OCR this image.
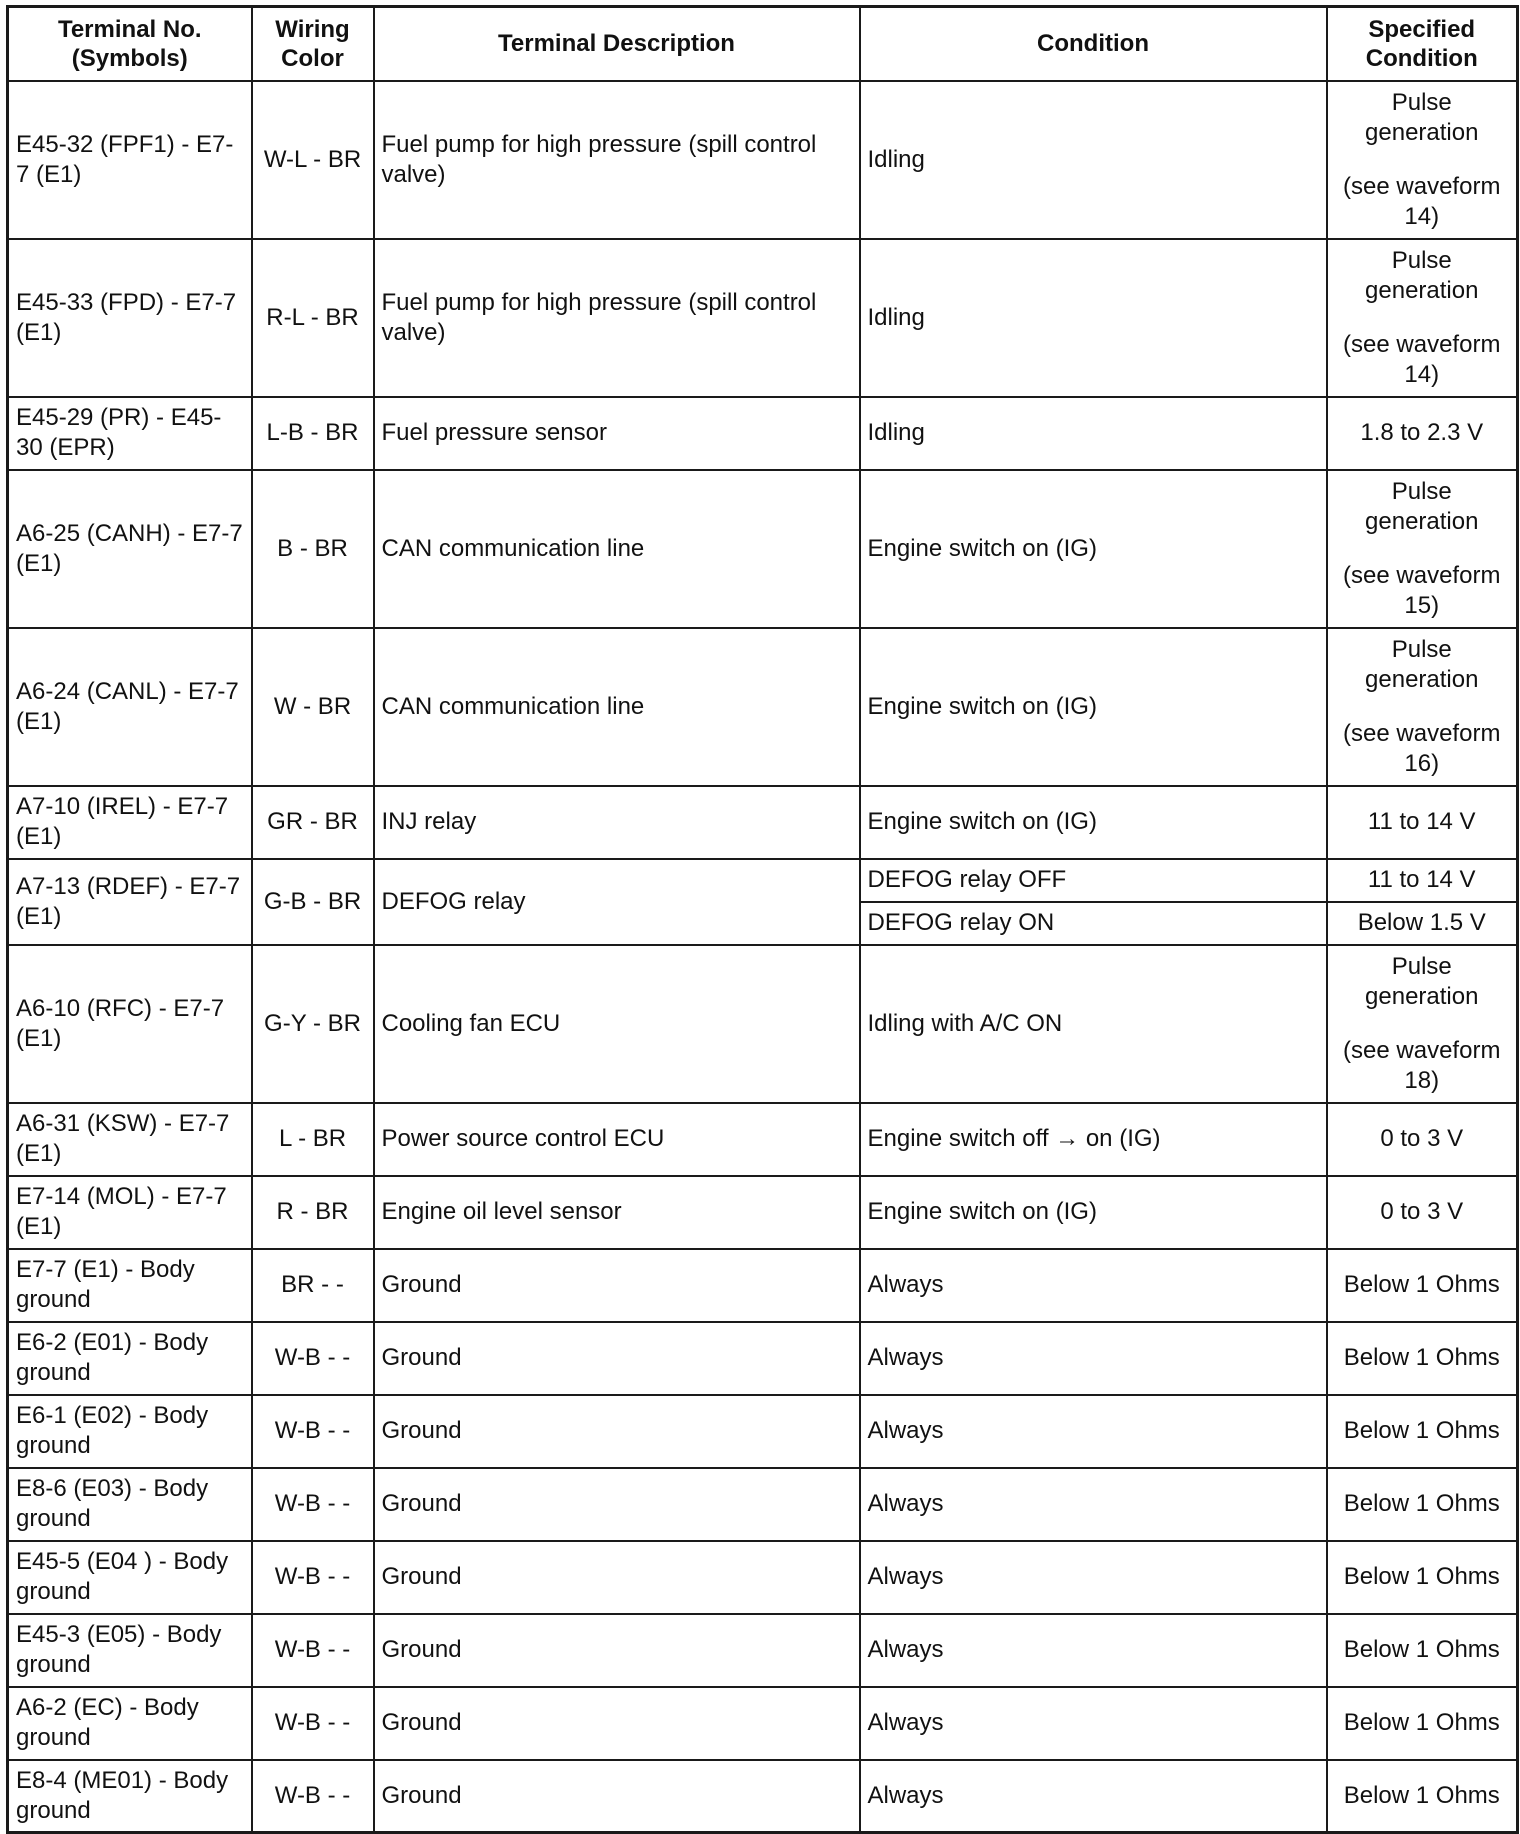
Terminal No. (Symbols)	Wiring Color	Terminal Description	Condition	Specified Condition
E45-32 (FPF1) - E7-7 (E1)	W-L - BR	Fuel pump for high pressure (spill control valve)	Idling	Pulse generation
(see waveform 14)

E45-33 (FPD) - E7-7 (E1)	R-L - BR	Fuel pump for high pressure (spill control valve)	Idling	Pulse generation
(see waveform 14)

E45-29 (PR) - E45-30 (EPR)	L-B - BR	Fuel pressure sensor	Idling	1.8 to 2.3 V
A6-25 (CANH) - E7-7 (E1)	B - BR	CAN communication line	Engine switch on (IG)	Pulse generation
(see waveform 15)

A6-24 (CANL) - E7-7 (E1)	W - BR	CAN communication line	Engine switch on (IG)	Pulse generation
(see waveform 16)

A7-10 (IREL) - E7-7 (E1)	GR - BR	INJ relay	Engine switch on (IG)	11 to 14 V
A7-13 (RDEF) - E7-7 (E1)	G-B - BR	DEFOG relay	DEFOG relay OFF	11 to 14 V
			DEFOG relay ON	Below 1.5 V
A6-10 (RFC) - E7-7 (E1)	G-Y - BR	Cooling fan ECU	Idling with A/C ON	Pulse generation
(see waveform 18)

A6-31 (KSW) - E7-7 (E1)	L - BR	Power source control ECU	Engine switch off → on (IG)	0 to 3 V
E7-14 (MOL) - E7-7 (E1)	R - BR	Engine oil level sensor	Engine switch on (IG)	0 to 3 V
E7-7 (E1) - Body ground	BR - -	Ground	Always	Below 1 Ohms
E6-2 (E01) - Body ground	W-B - -	Ground	Always	Below 1 Ohms
E6-1 (E02) - Body ground	W-B - -	Ground	Always	Below 1 Ohms
E8-6 (E03) - Body ground	W-B - -	Ground	Always	Below 1 Ohms
E45-5 (E04 ) - Body ground	W-B - -	Ground	Always	Below 1 Ohms
E45-3 (E05) - Body ground	W-B - -	Ground	Always	Below 1 Ohms
A6-2 (EC) - Body ground	W-B - -	Ground	Always	Below 1 Ohms
E8-4 (ME01) - Body ground	W-B - -	Ground	Always	Below 1 Ohms
